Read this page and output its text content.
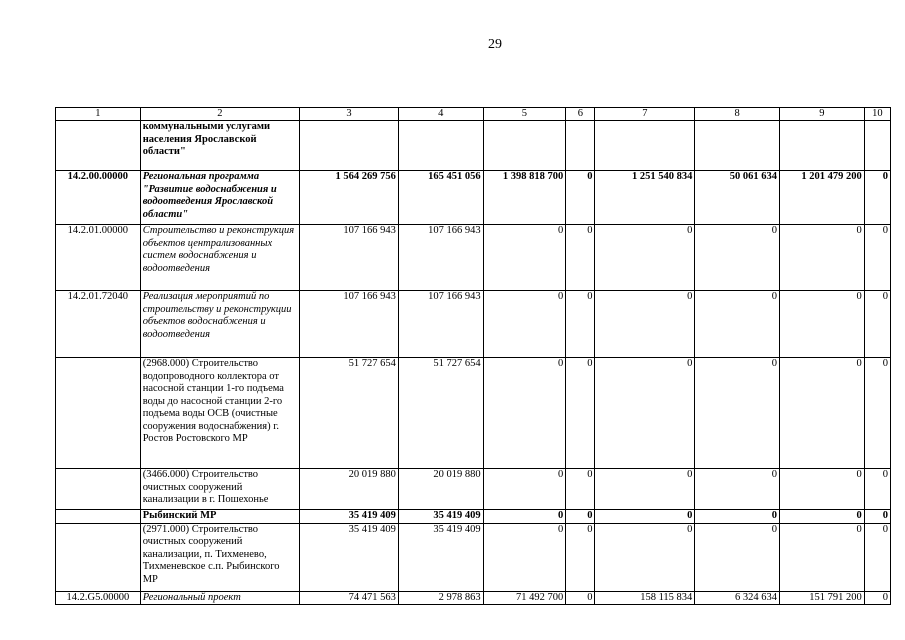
29
1	2	3	4	5	6	7	8	9	10
	коммунальными услугами населения Ярославской области"								
14.2.00.00000	Региональная программа "Развитие водоснабжения и водоотведения Ярославской области"	1 564 269 756	165 451 056	1 398 818 700	0	1 251 540 834	50 061 634	1 201 479 200	0
14.2.01.00000	Строительство и реконструкция объектов централизованных систем водоснабжения и водоотведения	107 166 943	107 166 943	0	0	0	0	0	0
14.2.01.72040	Реализация мероприятий по строительству и реконструкции объектов водоснабжения и водоотведения	107 166 943	107 166 943	0	0	0	0	0	0
	(2968.000) Строительство водопроводного коллектора от насосной станции 1-го подъема воды до насосной станции 2-го подъема воды ОСВ (очистные сооружения водоснабжения) г. Ростов Ростовского МР	51 727 654	51 727 654	0	0	0	0	0	0
	(3466.000) Строительство очистных сооружений канализации в г. Пошехонье	20 019 880	20 019 880	0	0	0	0	0	0
	Рыбинский МР	35 419 409	35 419 409	0	0	0	0	0	0
	(2971.000) Строительство очистных сооружений канализации, п. Тихменево, Тихменевское с.п. Рыбинского МР	35 419 409	35 419 409	0	0	0	0	0	0
14.2.G5.00000	Региональный проект	74 471 563	2 978 863	71 492 700	0	158 115 834	6 324 634	151 791 200	0
